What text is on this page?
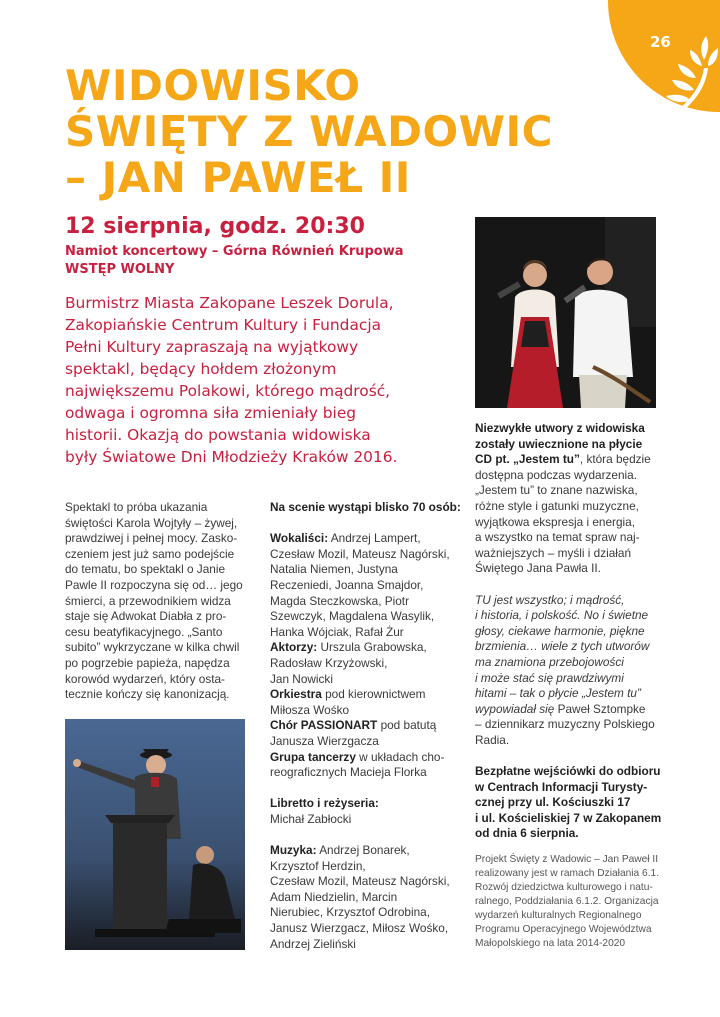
26
WIDOWISKO
ŚWIĘTY Z WADOWIC
– JAN PAWEŁ II
12 sierpnia, godz. 20:30
Namiot koncertowy – Górna Równień Krupowa
WSTĘP WOLNY
Burmistrz Miasta Zakopane Leszek Dorula,
Zakopiańskie Centrum Kultury i Fundacja
Pełni Kultury zapraszają na wyjątkowy
spektakl, będący hołdem złożonym
największemu Polakowi, którego mądrość,
odwaga i ogromna siła zmieniały bieg
historii. Okazją do powstania widowiska
były Światowe Dni Młodzieży Kraków 2016.
Spektakl to próba ukazania
świętości Karola Wojtyły – żywej,
prawdziwej i pełnej mocy. Zasko-
czeniem jest już samo podejście
do tematu, bo spektakl o Janie
Pawle II rozpoczyna się od… jego
śmierci, a przewodnikiem widza
staje się Adwokat Diabła z pro-
cesu beatyfikacyjnego. „Santo
subito” wykrzyczane w kilka chwil
po pogrzebie papieża, napędza
korowód wydarzeń, który osta-
tecznie kończy się kanonizacją.
Na scenie wystąpi blisko 70 osób:
Wokaliści: Andrzej Lampert,
Czesław Mozil, Mateusz Nagórski,
Natalia Niemen, Justyna
Reczeniedi, Joanna Smajdor,
Magda Steczkowska, Piotr
Szewczyk, Magdalena Wasylik,
Hanka Wójciak, Rafał Żur
Aktorzy: Urszula Grabowska,
Radosław Krzyżowski,
Jan Nowicki
Orkiestra pod kierownictwem
Miłosza Wośko
Chór PASSIONART pod batutą
Janusza Wierzgacza
Grupa tancerzy w układach cho-
reograficznych Macieja Florka
Libretto i reżyseria:
Michał Zabłocki
Muzyka: Andrzej Bonarek,
Krzysztof Herdzin,
Czesław Mozil, Mateusz Nagórski,
Adam Niedzielin, Marcin
Nierubiec, Krzysztof Odrobina,
Janusz Wierzgacz, Miłosz Wośko,
Andrzej Zieliński
Niezwykłe utwory z widowiska
zostały uwiecznione na płycie
CD pt. „Jestem tu”, która będzie
dostępna podczas wydarzenia.
„Jestem tu” to znane nazwiska,
różne style i gatunki muzyczne,
wyjątkowa ekspresja i energia,
a wszystko na temat spraw naj-
ważniejszych – myśli i działań
Świętego Jana Pawła II.
TU jest wszystko; i mądrość,
i historia, i polskość. No i świetne
głosy, ciekawe harmonie, piękne
brzmienia… wiele z tych utworów
ma znamiona przebojowości
i może stać się prawdziwymi
hitami – tak o płycie „Jestem tu”
wypowiadał się Paweł Sztompke
– dziennikarz muzyczny Polskiego
Radia.
Bezpłatne wejściówki do odbioru
w Centrach Informacji Turysty-
cznej przy ul. Kościuszki 17
i ul. Kościeliskiej 7 w Zakopanem
od dnia 6 sierpnia.
Projekt Święty z Wadowic – Jan Paweł II
realizowany jest w ramach Działania 6.1.
Rozwój dziedzictwa kulturowego i natu-
ralnego, Poddziałania 6.1.2. Organizacja
wydarzeń kulturalnych Regionalnego
Programu Operacyjnego Województwa
Małopolskiego na lata 2014-2020
